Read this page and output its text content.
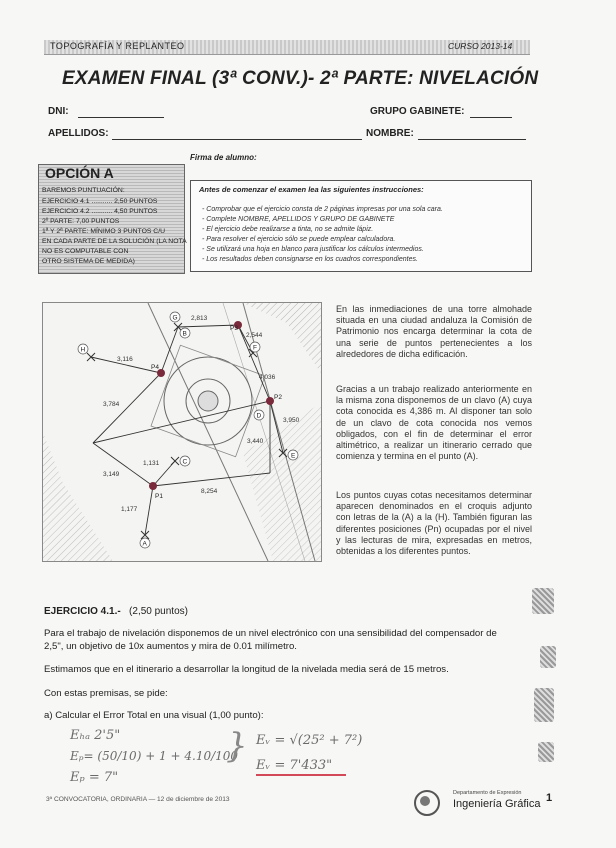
TOPOGRAFÍA Y REPLANTEO	CURSO 2013-14
EXAMEN FINAL (3ª CONV.)- 2ª PARTE: NIVELACIÓN
DNI:	GRUPO GABINETE:
APELLIDOS:	NOMBRE:
Firma de alumno:
OPCIÓN A
BAREMOS PUNTUACIÓN:
EJERCICIO 4.1 ........... 2,50 PUNTOS
EJERCICIO 4.2 ........... 4,50 PUNTOS
2º PARTE: 7,00 PUNTOS
1ª Y 2ª PARTE: MÍNIMO 3 PUNTOS C/U
EN CADA PARTE DE LA SOLUCIÓN (LA NOTA
NO ES COMPUTABLE CON
OTRO SISTEMA DE MEDIDA)
Antes de comenzar el examen lea las siguientes instrucciones:
- Comprobar que el ejercicio consta de 2 páginas impresas por una sola cara.
- Complete NOMBRE, APELLIDOS Y GRUPO DE GABINETE
- El ejercicio debe realizarse a tinta, no se admite lápiz.
- Para resolver el ejercicio sólo se puede emplear calculadora.
- Se utilizará una hoja en blanco para justificar los cálculos intermedios.
- Los resultados deben consignarse en los cuadros correspondientes.
H
G
F
E
C
A
D
B
P4
P1
P2
P3
2,813
2,544
3,116
3,784
4,036
3,950
3,440
1,131
3,149
8,254
1,177
En las inmediaciones de una torre almohade situada en una ciudad andaluza la Comisión de Patrimonio nos encarga determinar la cota de una serie de puntos pertenecientes a los alrededores de dicha edificación.
Gracias a un trabajo realizado anteriormente en la misma zona disponemos de un clavo (A) cuya cota conocida es 4,386 m. Al disponer tan solo de un clavo de cota conocida nos vemos obligados, con el fin de determinar el error altimétrico, a realizar un itinerario cerrado que comienza y termina en el punto (A).
Los puntos cuyas cotas necesitamos determinar aparecen denominados en el croquis adjunto con letras de la (A) a la (H). También figuran las diferentes posiciones (Pn) ocupadas por el nivel y las lecturas de mira, expresadas en metros, obtenidas a los diferentes puntos.
EJERCICIO 4.1.- (2,50 puntos)
Para el trabajo de nivelación disponemos de un nivel electrónico con una sensibilidad del compensador de
2,5", un objetivo de 10x aumentos y mira de 0.01 milímetro.
Estimamos que en el itinerario a desarrollar la longitud de la nivelada media será de 15 metros.
Con estas premisas, se pide:
a) Calcular el Error Total en una visual (1,00 punto):
Eₕₐ 2'5"
Eₚ= (50/10) + 1 + 4.10/100
Eₚ = 7"
} Eᵥ = √(25² + 7²)
Eᵥ = 7'433"
3ª CONVOCATORIA, ORDINARIA — 12 de diciembre de 2013
Departamento de Expresión
Ingeniería Gráfica 1
